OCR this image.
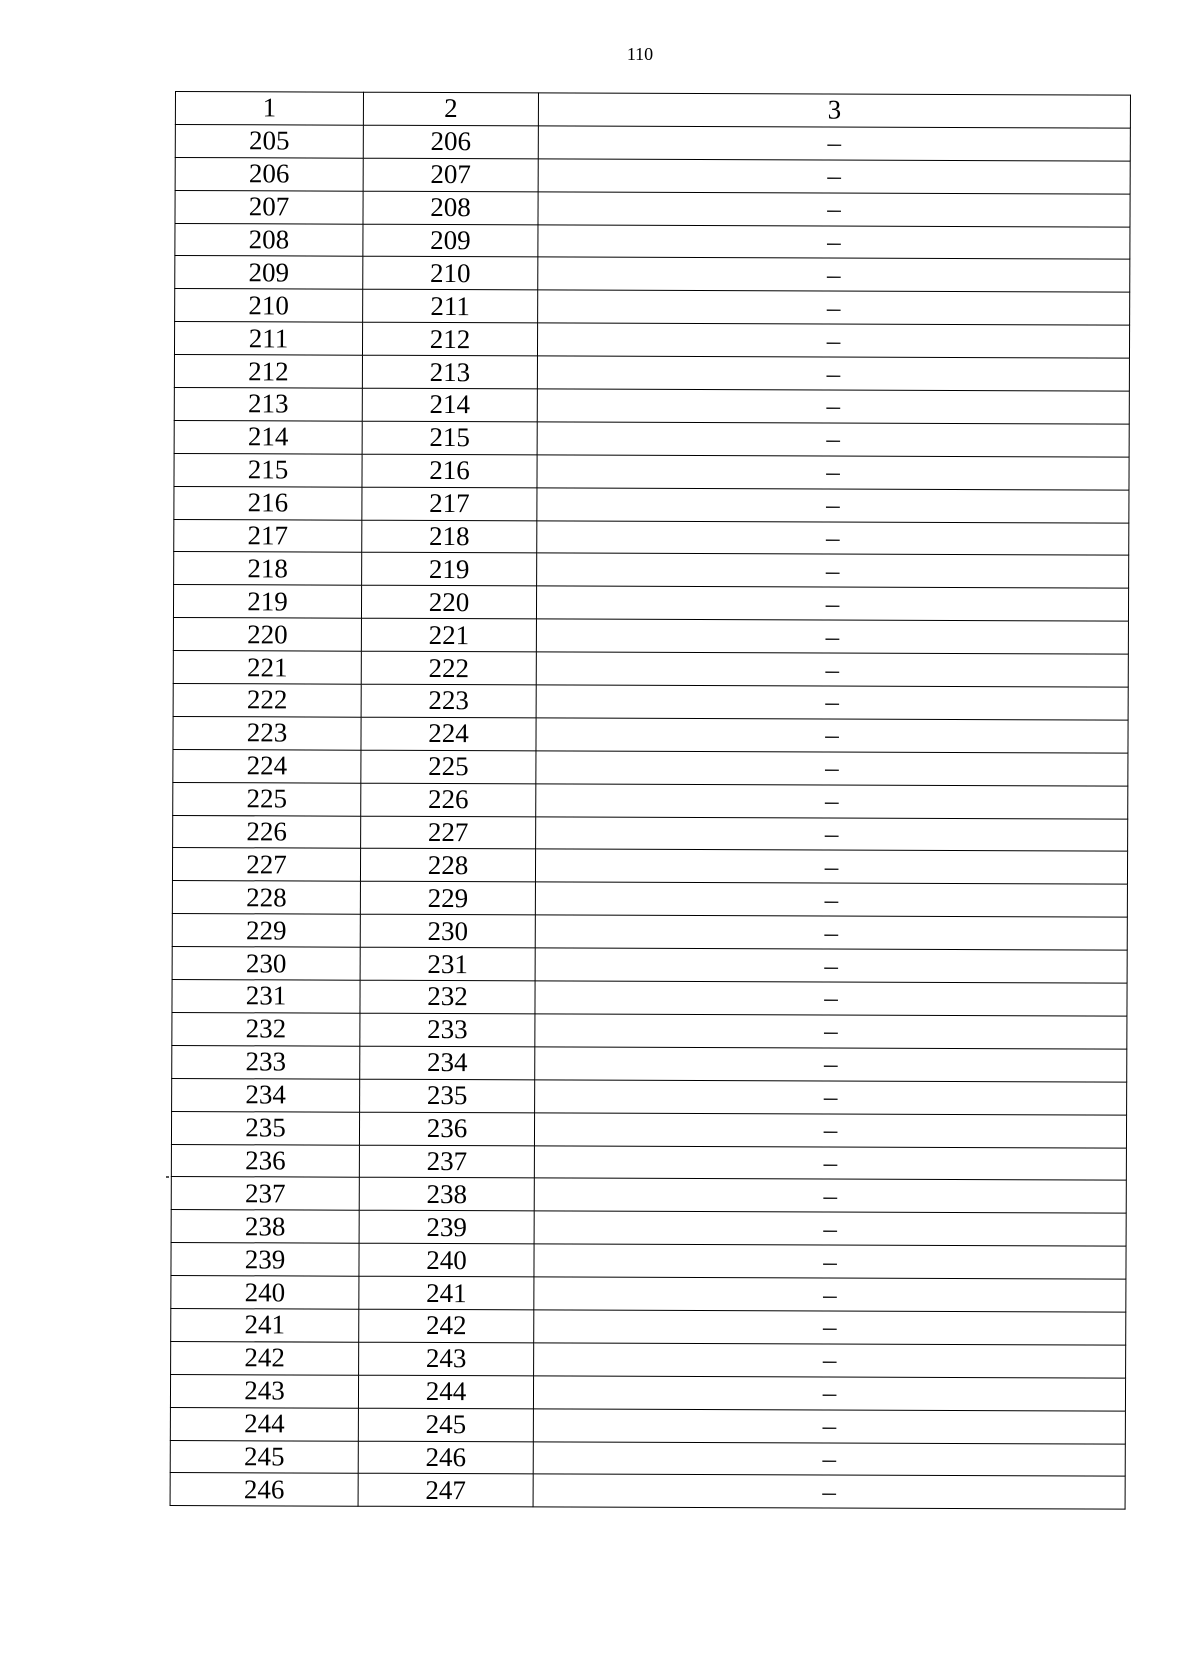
110
1	2	3
205	206	–
206	207	–
207	208	–
208	209	–
209	210	–
210	211	–
211	212	–
212	213	–
213	214	–
214	215	–
215	216	–
216	217	–
217	218	–
218	219	–
219	220	–
220	221	–
221	222	–
222	223	–
223	224	–
224	225	–
225	226	–
226	227	–
227	228	–
228	229	–
229	230	–
230	231	–
231	232	–
232	233	–
233	234	–
234	235	–
235	236	–
236	237	–
237	238	–
238	239	–
239	240	–
240	241	–
241	242	–
242	243	–
243	244	–
244	245	–
245	246	–
246	247	–
